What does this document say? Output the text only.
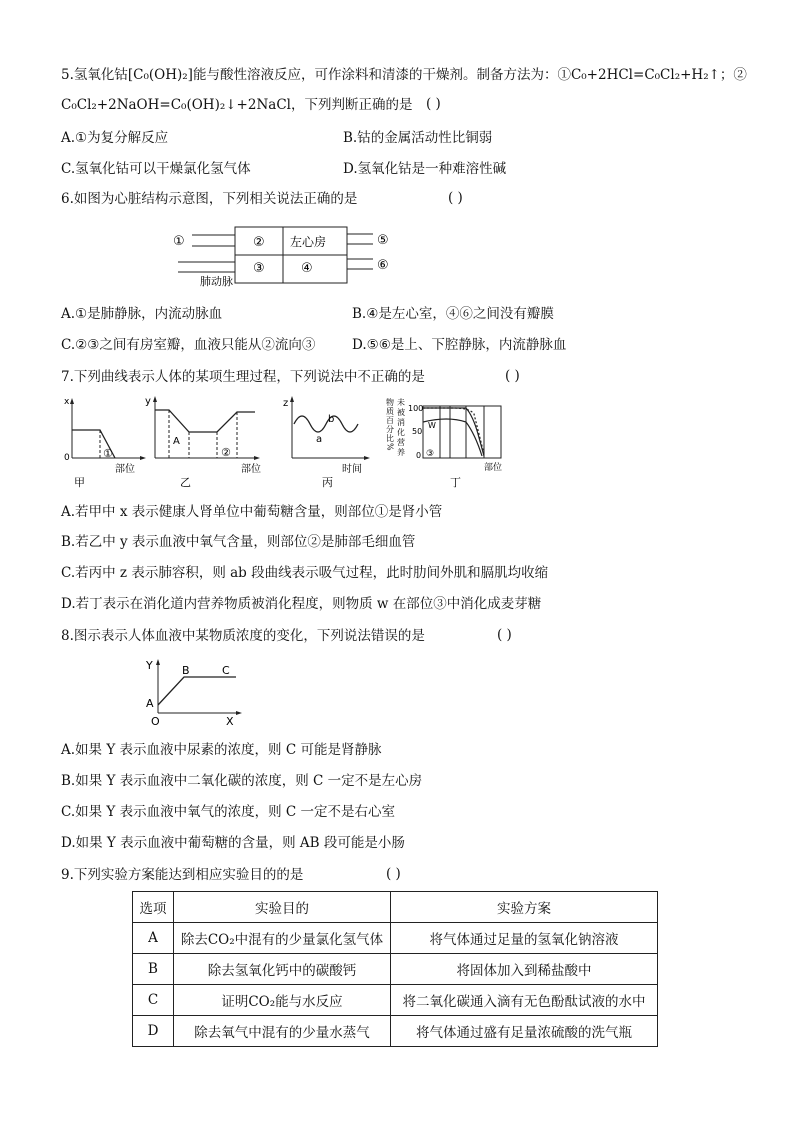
5.氢氧化钴[C₀(OH)₂]能与酸性溶液反应，可作涂料和清漆的干燥剂。制备方法为：①C₀+2HCl=C₀Cl₂+H₂↑；②
C₀Cl₂+2NaOH=C₀(OH)₂↓+2NaCl，下列判断正确的是 ( )
A.①为复分解反应	B.钴的金属活动性比铜弱
C.氢氧化钴可以干燥氯化氢气体	D.氢氧化钴是一种难溶性碱
6.如图为心脏结构示意图，下列相关说法正确的是	( )
①	② 左心房
③	④
⑤
⑥
肺动脉
A.①是肺静脉，内流动脉血	B.④是左心室，④⑥之间没有瓣膜
C.②③之间有房室瓣，血液只能从②流向③	D.⑤⑥是上、下腔静脉，内流静脉血
7.下列曲线表示人体的某项生理过程，下列说法中不正确的是	( )
x
0	①
部位
甲
y
A
②
部位
乙
z
a
b
时间
丙
物质百分比% 未被消化营养 100
50
0
W
③
部位
丁
A.若甲中 x 表示健康人肾单位中葡萄糖含量，则部位①是肾小管
B.若乙中 y 表示血液中氧气含量，则部位②是肺部毛细血管
C.若丙中 z 表示肺容积，则 ab 段曲线表示吸气过程，此时肋间外肌和膈肌均收缩
D.若丁表示在消化道内营养物质被消化程度，则物质 w 在部位③中消化成麦芽糖
8.图示表示人体血液中某物质浓度的变化，下列说法错误的是	( )
Y
O	X
A
B	C
A.如果 Y 表示血液中尿素的浓度，则 C 可能是肾静脉
B.如果 Y 表示血液中二氧化碳的浓度，则 C 一定不是左心房
C.如果 Y 表示血液中氧气的浓度，则 C 一定不是右心室
D.如果 Y 表示血液中葡萄糖的含量，则 AB 段可能是小肠
9.下列实验方案能达到相应实验目的的是	( )
选项	实验目的	实验方案
A	除去CO₂中混有的少量氯化氢气体	将气体通过足量的氢氧化钠溶液
B	除去氢氧化钙中的碳酸钙	将固体加入到稀盐酸中
C	证明CO₂能与水反应	将二氧化碳通入滴有无色酚酞试液的水中
D	除去氧气中混有的少量水蒸气	将气体通过盛有足量浓硫酸的洗气瓶
